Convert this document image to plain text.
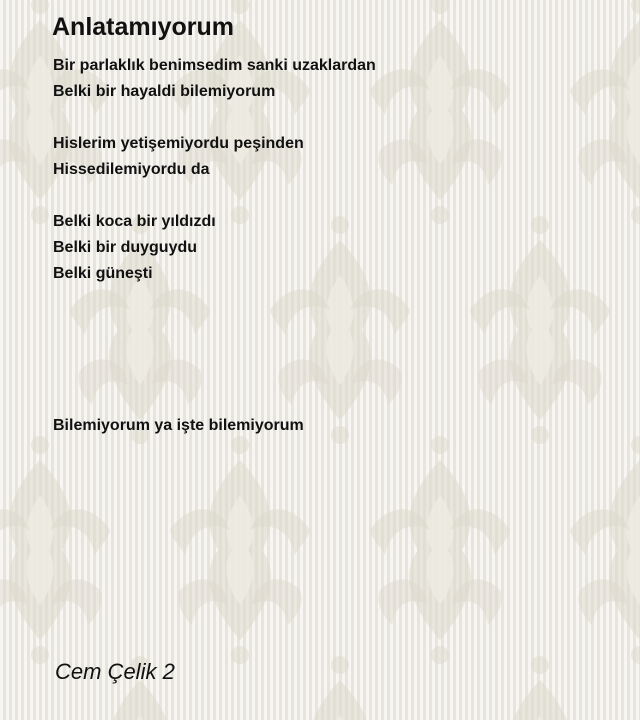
Anlatamıyorum
Bir parlaklık benimsedim sanki uzaklardan
Belki bir hayaldi bilemiyorum
Hislerim yetişemiyordu peşinden
Hissedilemiyordu da
Belki koca bir yıldızdı
Belki bir duyguydu
Belki güneşti
Bilemiyorum ya işte bilemiyorum
Cem Çelik 2
